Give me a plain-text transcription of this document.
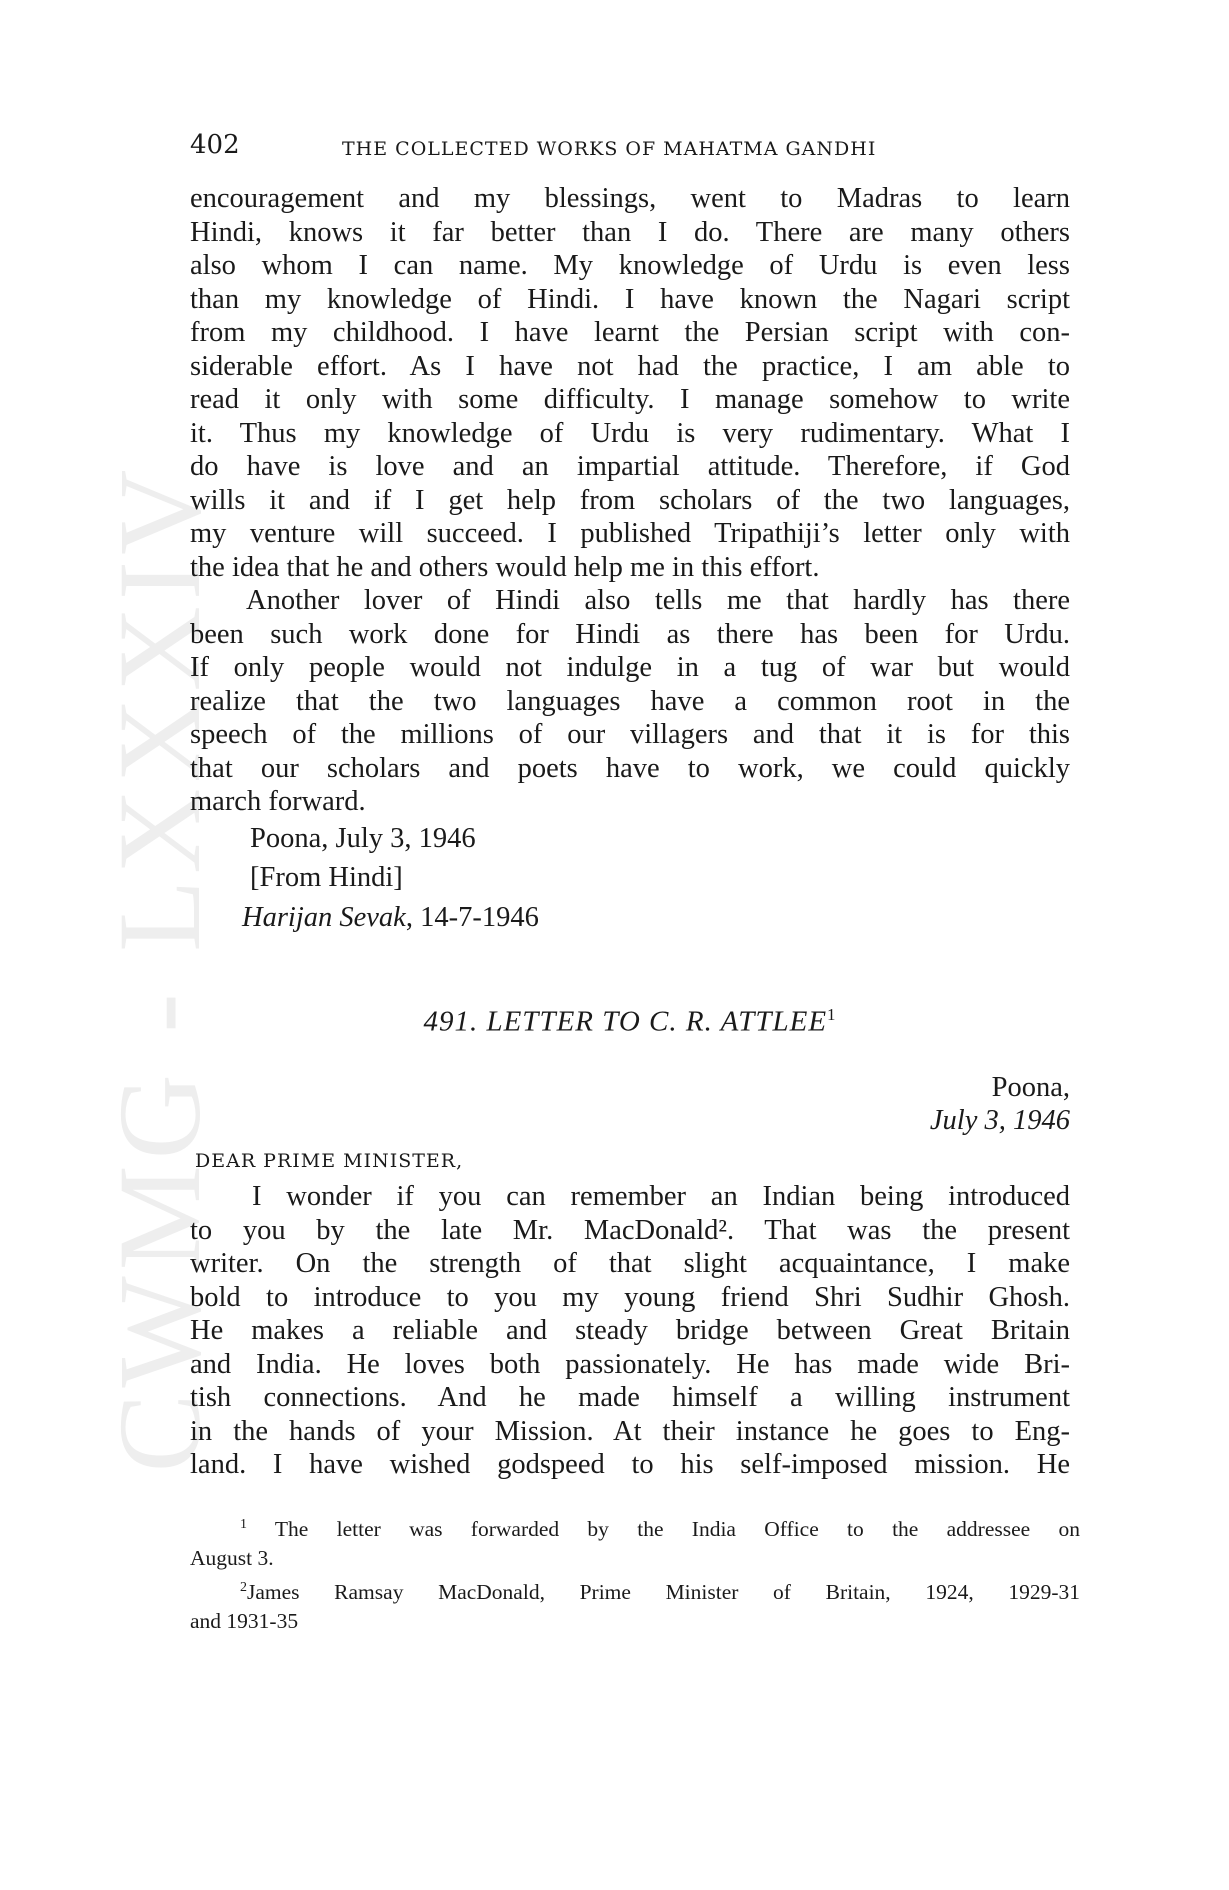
CWMG - LXXXIV
402	THE COLLECTED WORKS OF MAHATMA GANDHI
encouragement and my blessings, went to Madras to learn
Hindi, knows it far better than I do. There are many others
also whom I can name. My knowledge of Urdu is even less
than my knowledge of Hindi. I have known the Nagari script
from my childhood. I have learnt the Persian script with con-
siderable effort. As I have not had the practice, I am able to
read it only with some difficulty. I manage somehow to write
it. Thus my knowledge of Urdu is very rudimentary. What I
do have is love and an impartial attitude. Therefore, if God
wills it and if I get help from scholars of the two languages,
my venture will succeed. I published Tripathiji’s letter only with
the idea that he and others would help me in this effort.
Another lover of Hindi also tells me that hardly has there
been such work done for Hindi as there has been for Urdu.
If only people would not indulge in a tug of war but would
realize that the two languages have a common root in the
speech of the millions of our villagers and that it is for this
that our scholars and poets have to work, we could quickly
march forward.
Poona, July 3, 1946
[From Hindi]
Harijan Sevak, 14-7-1946
491. LETTER TO C. R. ATTLEE$^1$
Poona,
July 3, 1946
DEAR PRIME MINISTER,
I wonder if you can remember an Indian being introduced
to you by the late Mr. MacDonald². That was the present
writer. On the strength of that slight acquaintance, I make
bold to introduce to you my young friend Shri Sudhir Ghosh.
He makes a reliable and steady bridge between Great Britain
and India. He loves both passionately. He has made wide Bri-
tish connections. And he made himself a willing instrument
in the hands of your Mission. At their instance he goes to Eng-
land. I have wished godspeed to his self-imposed mission. He
$^1$ The letter was forwarded by the India Office to the addressee on
August 3.
$^2$James Ramsay MacDonald, Prime Minister of Britain, 1924, 1929-31
and 1931-35
